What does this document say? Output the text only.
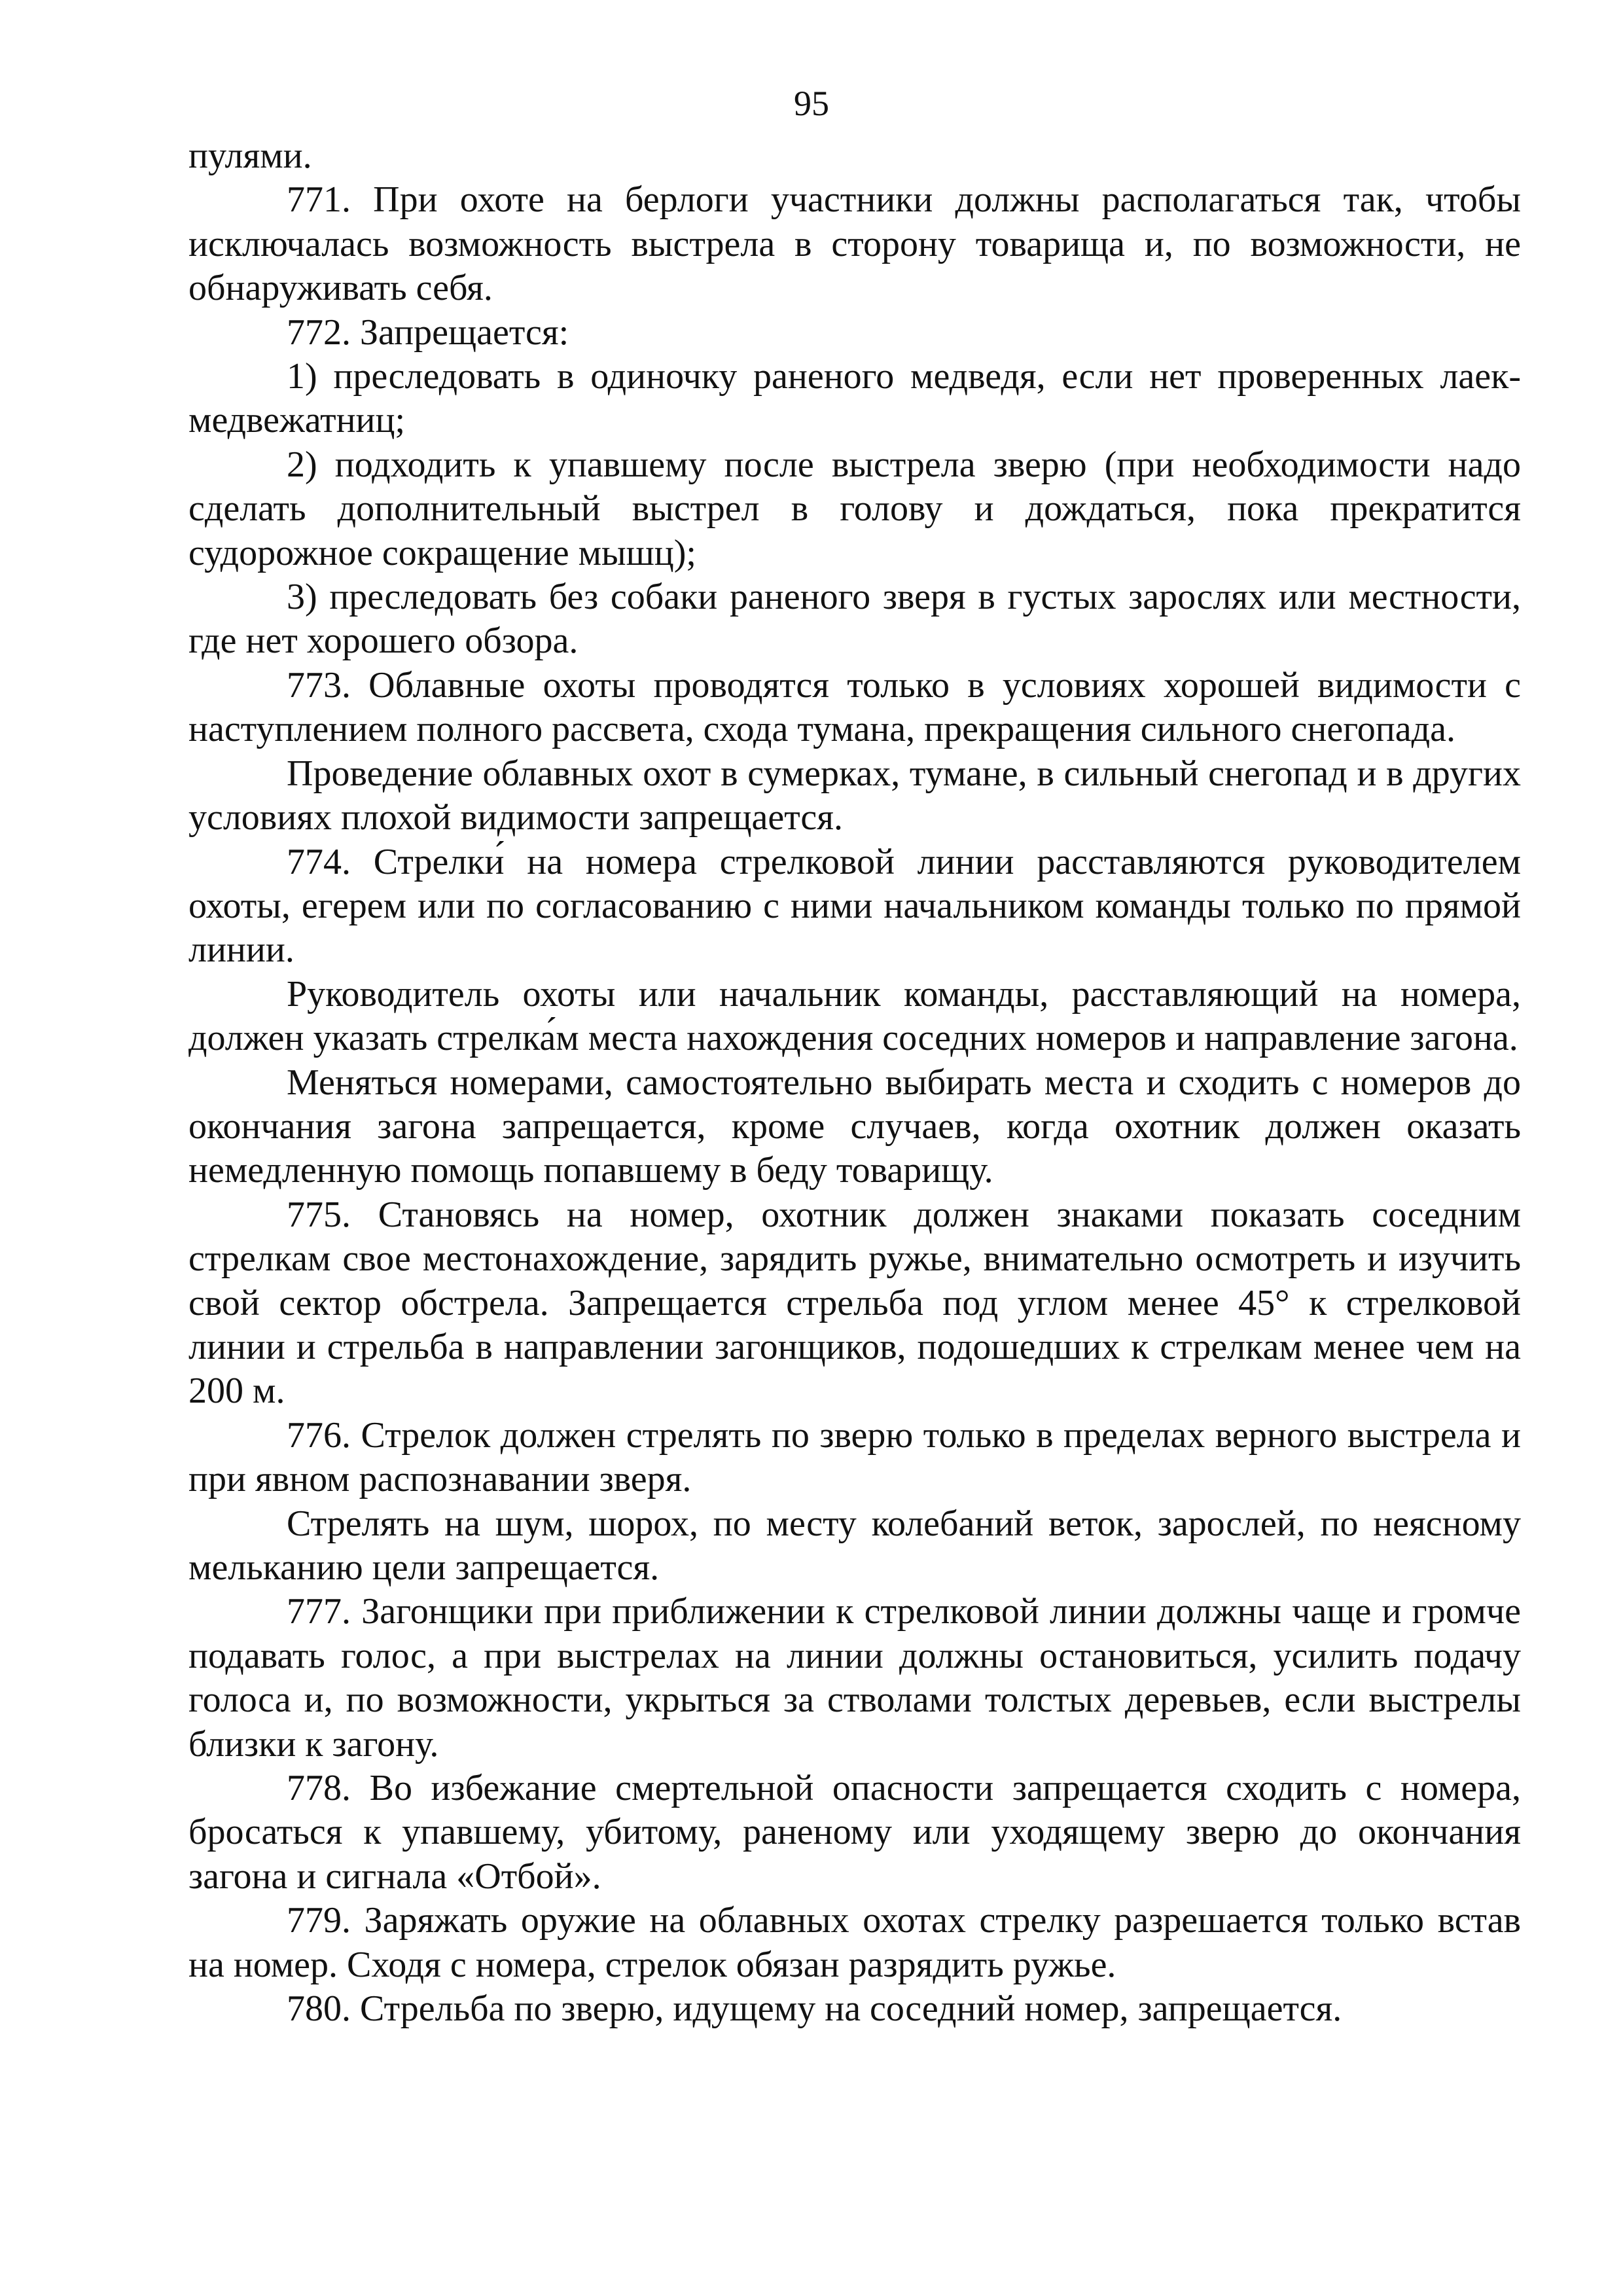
95

пулями.

771. При охоте на берлоги участники должны располагаться так, чтобы исключалась возможность выстрела в сторону товарища и, по возможности, не обнаруживать себя.

772. Запрещается:

1) преследовать в одиночку раненого медведя, если нет проверенных лаек-медвежатниц;

2) подходить к упавшему после выстрела зверю (при необходимости надо сделать дополнительный выстрел в голову и дождаться, пока прекратится судорожное сокращение мышц);

3) преследовать без собаки раненого зверя в густых зарослях или местности, где нет хорошего обзора.

773. Облавные охоты проводятся только в условиях хорошей видимости с наступлением полного рассвета, схода тумана, прекращения сильного снегопада.

Проведение облавных охот в сумерках, тумане, в сильный снегопад и в других условиях плохой видимости запрещается.

774. Стрелки́ на номера стрелковой линии расставляются руководителем охоты, егерем или по согласованию с ними начальником команды только по прямой линии.

Руководитель охоты или начальник команды, расставляющий на номера, должен указать стрелка́м места нахождения соседних номеров и направление загона.

Меняться номерами, самостоятельно выбирать места и сходить с номеров до окончания загона запрещается, кроме случаев, когда охотник должен оказать немедленную помощь попавшему в беду товарищу.

775. Становясь на номер, охотник должен знаками показать соседним стрелкам свое местонахождение, зарядить ружье, внимательно осмотреть и изучить свой сектор обстрела. Запрещается стрельба под углом менее 45° к стрелковой линии и стрельба в направлении загонщиков, подошедших к стрелкам менее чем на 200 м.

776. Стрелок должен стрелять по зверю только в пределах верного выстрела и при явном распознавании зверя.

Стрелять на шум, шорох, по месту колебаний веток, зарослей, по неясному мельканию цели запрещается.

777. Загонщики при приближении к стрелковой линии должны чаще и громче подавать голос, а при выстрелах на линии должны остановиться, усилить подачу голоса и, по возможности, укрыться за стволами толстых деревьев, если выстрелы близки к загону.

778. Во избежание смертельной опасности запрещается сходить с номера, бросаться к упавшему, убитому, раненому или уходящему зверю до окончания загона и сигнала «Отбой».

779. Заряжать оружие на облавных охотах стрелку разрешается только встав на номер. Сходя с номера, стрелок обязан разрядить ружье.

780. Стрельба по зверю, идущему на соседний номер, запрещается.
